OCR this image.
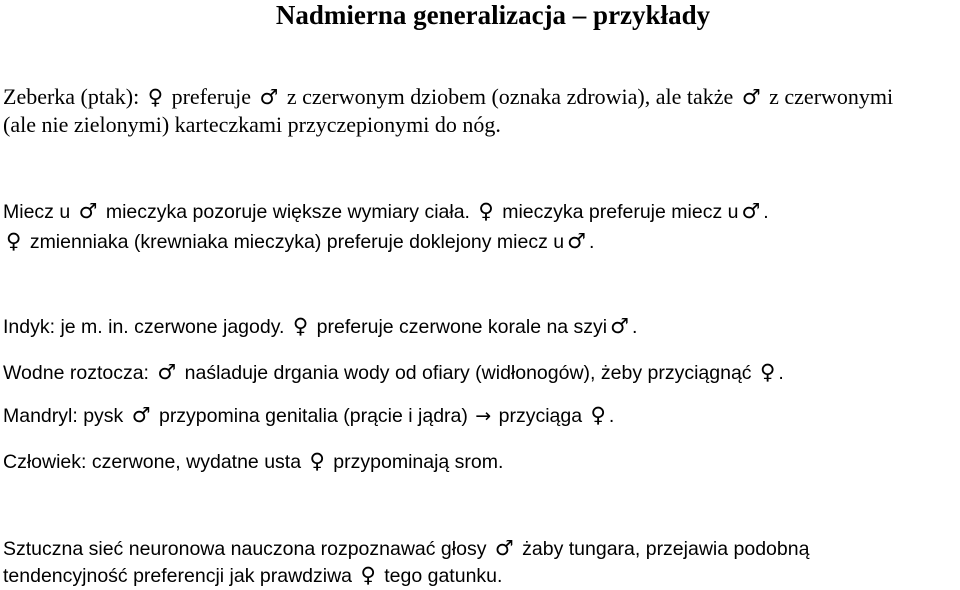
Nadmierna generalizacja – przykłady
Zeberka (ptak): ♀ preferuje ♂ z czerwonym dziobem (oznaka zdrowia), ale także ♂ z czerwonymi
(ale nie zielonymi) karteczkami przyczepionymi do nóg.
Miecz u ♂ mieczyka pozoruje większe wymiary ciała. ♀ mieczyka preferuje miecz u ♂ .
♀ zmienniaka (krewniaka mieczyka) preferuje doklejony miecz u ♂ .
Indyk: je m. in. czerwone jagody. ♀ preferuje czerwone korale na szyi ♂ .
Wodne roztocza: ♂ naśladuje drgania wody od ofiary (widłonogów), żeby przyciągnąć ♀ .
Mandryl: pysk ♂ przypomina genitalia (prącie i jądra) → przyciąga ♀ .
Człowiek: czerwone, wydatne usta ♀ przypominają srom.
Sztuczna sieć neuronowa nauczona rozpoznawać głosy ♂ żaby tungara, przejawia podobną
tendencyjność preferencji jak prawdziwa ♀ tego gatunku.
